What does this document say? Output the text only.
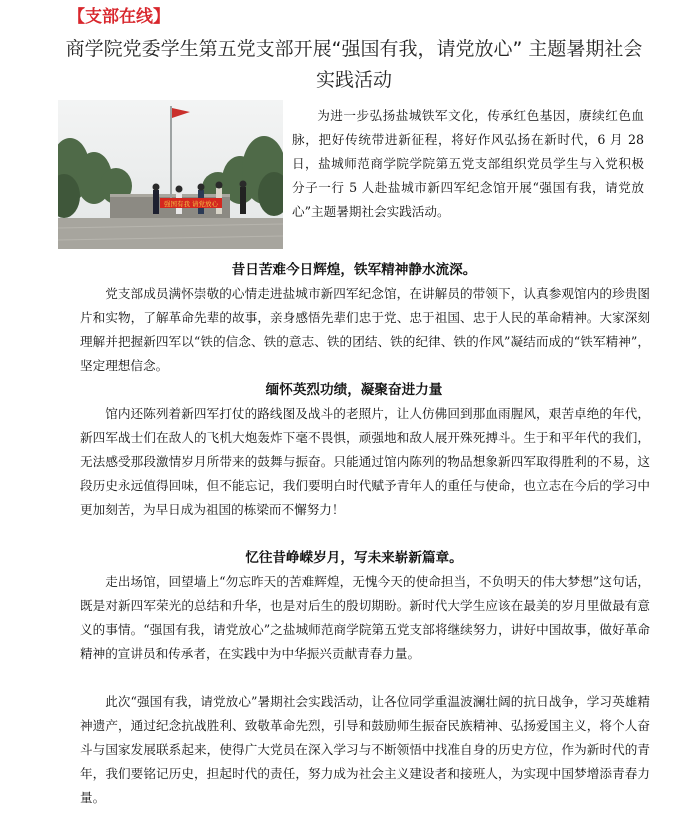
【支部在线】
商学院党委学生第五党支部开展“强国有我，请党放心” 主题暑期社会实践活动
强国有我 请党放心

为进一步弘扬盐城铁军文化，传承红色基因，赓续红色血脉，把好传统带进新征程，将好作风弘扬在新时代，6 月 28 日，盐城师范商学院学院第五党支部组织党员学生与入党积极分子一行 5 人赴盐城市新四军纪念馆开展“强国有我，请党放心”主题暑期社会实践活动。

昔日苦难今日辉煌，铁军精神静水流深。

党支部成员满怀崇敬的心情走进盐城市新四军纪念馆，在讲解员的带领下，认真参观馆内的珍贵图片和实物，了解革命先辈的故事，亲身感悟先辈们忠于党、忠于祖国、忠于人民的革命精神。大家深刻理解并把握新四军以“铁的信念、铁的意志、铁的团结、铁的纪律、铁的作风”凝结而成的“铁军精神”，坚定理想信念。

缅怀英烈功绩，凝聚奋进力量

馆内还陈列着新四军打仗的路线图及战斗的老照片，让人仿佛回到那血雨腥风，艰苦卓绝的年代，新四军战士们在敌人的飞机大炮轰炸下毫不畏惧，顽强地和敌人展开殊死搏斗。生于和平年代的我们，无法感受那段激情岁月所带来的鼓舞与振奋。只能通过馆内陈列的物品想象新四军取得胜利的不易，这段历史永远值得回味，但不能忘记，我们要明白时代赋予青年人的重任与使命，也立志在今后的学习中更加刻苦，为早日成为祖国的栋梁而不懈努力！

忆往昔峥嵘岁月，写未来崭新篇章。

走出场馆，回望墙上“勿忘昨天的苦难辉煌，无愧今天的使命担当，不负明天的伟大梦想”这句话，既是对新四军荣光的总结和升华，也是对后生的殷切期盼。新时代大学生应该在最美的岁月里做最有意义的事情。“强国有我，请党放心”之盐城师范商学院第五党支部将继续努力，讲好中国故事，做好革命精神的宣讲员和传承者，在实践中为中华振兴贡献青春力量。

此次“强国有我，请党放心”暑期社会实践活动，让各位同学重温波澜壮阔的抗日战争，学习英雄精神遗产，通过纪念抗战胜利、致敬革命先烈，引导和鼓励师生振奋民族精神、弘扬爱国主义，将个人奋斗与国家发展联系起来，使得广大党员在深入学习与不断领悟中找准自身的历史方位，作为新时代的青年，我们要铭记历史，担起时代的责任，努力成为社会主义建设者和接班人，为实现中国梦增添青春力量。
